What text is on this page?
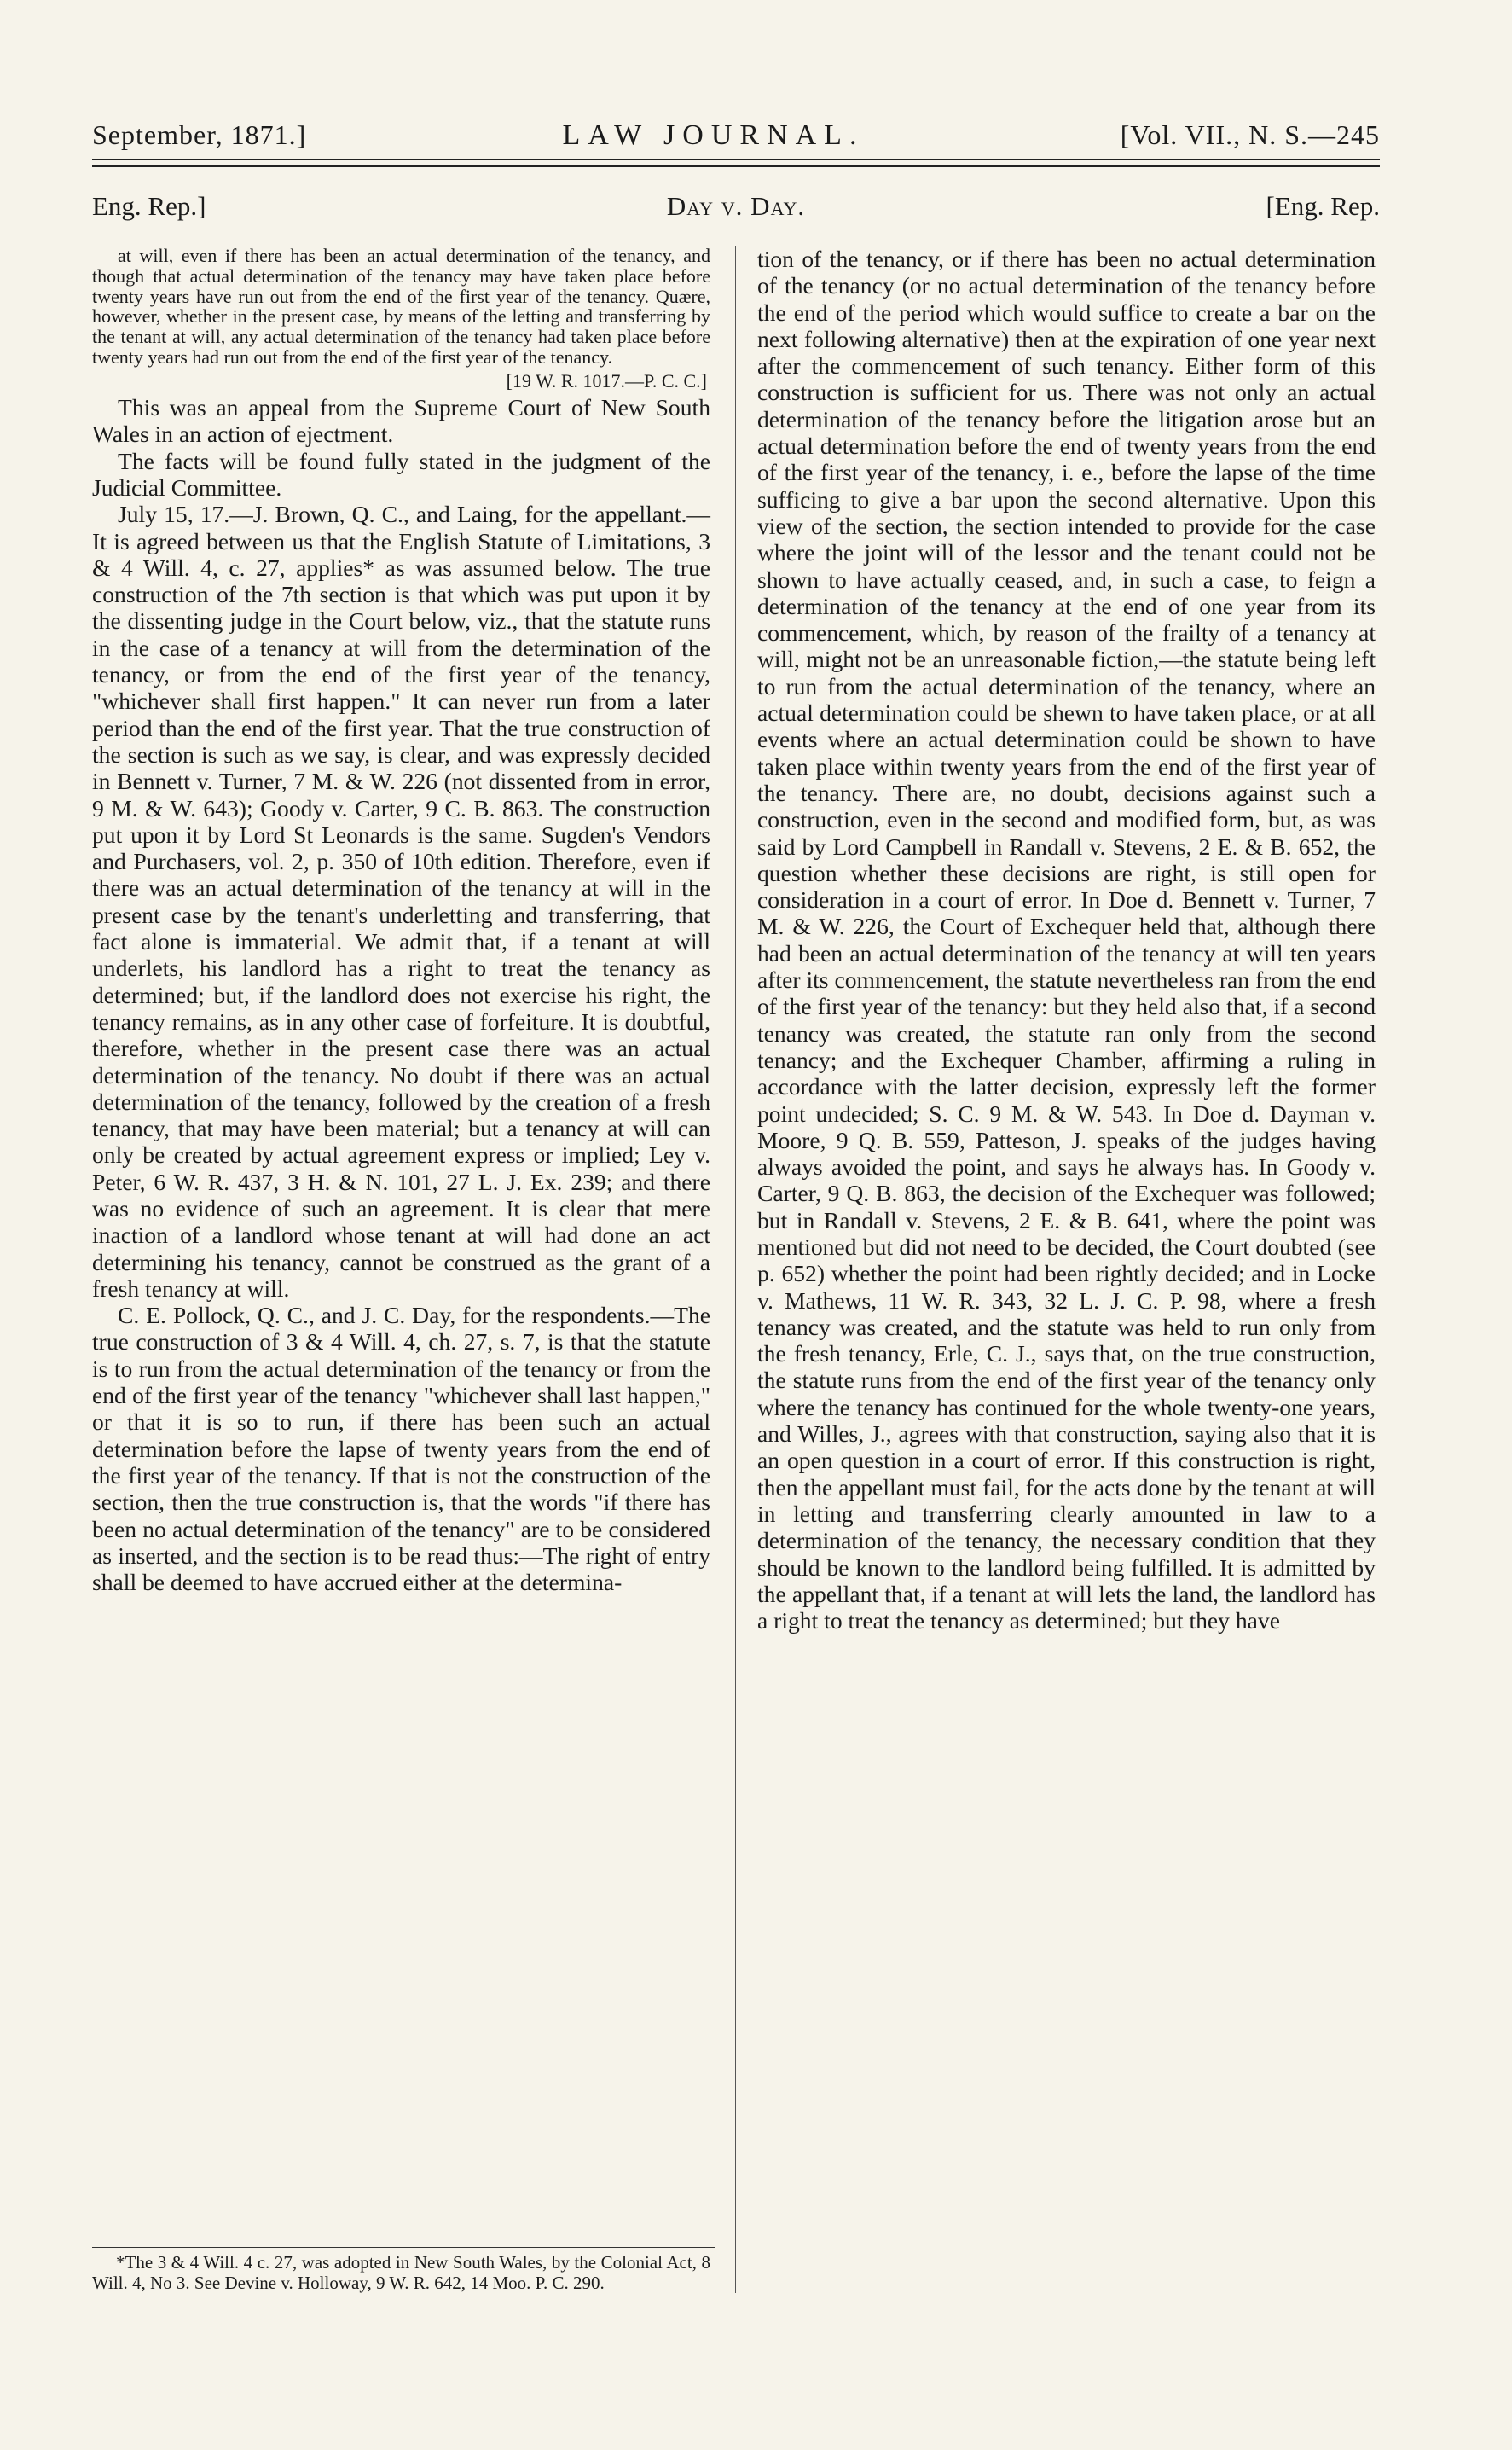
September, 1871.]	LAW JOURNAL.	[Vol. VII., N. S.—245
Eng. Rep.]	Day v. Day.	[Eng. Rep.

at will, even if there has been an actual determination of the tenancy, and though that actual determination of the tenancy may have taken place before twenty years have run out from the end of the first year of the tenancy. Quære, however, whether in the present case, by means of the letting and transferring by the tenant at will, any actual determination of the tenancy had taken place before twenty years had run out from the end of the first year of the tenancy.

[19 W. R. 1017.—P. C. C.]

This was an appeal from the Supreme Court of New South Wales in an action of ejectment.

The facts will be found fully stated in the judgment of the Judicial Committee.

July 15, 17.—J. Brown, Q. C., and Laing, for the appellant.—It is agreed between us that the English Statute of Limitations, 3 & 4 Will. 4, c. 27, applies* as was assumed below. The true construction of the 7th section is that which was put upon it by the dissenting judge in the Court below, viz., that the statute runs in the case of a tenancy at will from the determination of the tenancy, or from the end of the first year of the tenancy, "whichever shall first happen." It can never run from a later period than the end of the first year. That the true construction of the section is such as we say, is clear, and was expressly decided in Bennett v. Turner, 7 M. & W. 226 (not dissented from in error, 9 M. & W. 643); Goody v. Carter, 9 C. B. 863. The construction put upon it by Lord St Leonards is the same. Sugden's Vendors and Purchasers, vol. 2, p. 350 of 10th edition. Therefore, even if there was an actual determination of the tenancy at will in the present case by the tenant's underletting and transferring, that fact alone is immaterial. We admit that, if a tenant at will underlets, his landlord has a right to treat the tenancy as determined; but, if the landlord does not exercise his right, the tenancy remains, as in any other case of forfeiture. It is doubtful, therefore, whether in the present case there was an actual determination of the tenancy. No doubt if there was an actual determination of the tenancy, followed by the creation of a fresh tenancy, that may have been material; but a tenancy at will can only be created by actual agreement express or implied; Ley v. Peter, 6 W. R. 437, 3 H. & N. 101, 27 L. J. Ex. 239; and there was no evidence of such an agreement. It is clear that mere inaction of a landlord whose tenant at will had done an act determining his tenancy, cannot be construed as the grant of a fresh tenancy at will.

C. E. Pollock, Q. C., and J. C. Day, for the respondents.—The true construction of 3 & 4 Will. 4, ch. 27, s. 7, is that the statute is to run from the actual determination of the tenancy or from the end of the first year of the tenancy "whichever shall last happen," or that it is so to run, if there has been such an actual determination before the lapse of twenty years from the end of the first year of the tenancy. If that is not the construction of the section, then the true construction is, that the words "if there has been no actual determination of the tenancy" are to be considered as inserted, and the section is to be read thus:—The right of entry shall be deemed to have accrued either at the determina-

tion of the tenancy, or if there has been no actual determination of the tenancy (or no actual determination of the tenancy before the end of the period which would suffice to create a bar on the next following alternative) then at the expiration of one year next after the commencement of such tenancy. Either form of this construction is sufficient for us. There was not only an actual determination of the tenancy before the litigation arose but an actual determination before the end of twenty years from the end of the first year of the tenancy, i. e., before the lapse of the time sufficing to give a bar upon the second alternative. Upon this view of the section, the section intended to provide for the case where the joint will of the lessor and the tenant could not be shown to have actually ceased, and, in such a case, to feign a determination of the tenancy at the end of one year from its commencement, which, by reason of the frailty of a tenancy at will, might not be an unreasonable fiction,—the statute being left to run from the actual determination of the tenancy, where an actual determination could be shewn to have taken place, or at all events where an actual determination could be shown to have taken place within twenty years from the end of the first year of the tenancy. There are, no doubt, decisions against such a construction, even in the second and modified form, but, as was said by Lord Campbell in Randall v. Stevens, 2 E. & B. 652, the question whether these decisions are right, is still open for consideration in a court of error. In Doe d. Bennett v. Turner, 7 M. & W. 226, the Court of Exchequer held that, although there had been an actual determination of the tenancy at will ten years after its commencement, the statute nevertheless ran from the end of the first year of the tenancy: but they held also that, if a second tenancy was created, the statute ran only from the second tenancy; and the Exchequer Chamber, affirming a ruling in accordance with the latter decision, expressly left the former point undecided; S. C. 9 M. & W. 543. In Doe d. Dayman v. Moore, 9 Q. B. 559, Patteson, J. speaks of the judges having always avoided the point, and says he always has. In Goody v. Carter, 9 Q. B. 863, the decision of the Exchequer was followed; but in Randall v. Stevens, 2 E. & B. 641, where the point was mentioned but did not need to be decided, the Court doubted (see p. 652) whether the point had been rightly decided; and in Locke v. Mathews, 11 W. R. 343, 32 L. J. C. P. 98, where a fresh tenancy was created, and the statute was held to run only from the fresh tenancy, Erle, C. J., says that, on the true construction, the statute runs from the end of the first year of the tenancy only where the tenancy has continued for the whole twenty-one years, and Willes, J., agrees with that construction, saying also that it is an open question in a court of error. If this construction is right, then the appellant must fail, for the acts done by the tenant at will in letting and transferring clearly amounted in law to a determination of the tenancy, the necessary condition that they should be known to the landlord being fulfilled. It is admitted by the appellant that, if a tenant at will lets the land, the landlord has a right to treat the tenancy as determined; but they have

*The 3 & 4 Will. 4 c. 27, was adopted in New South Wales, by the Colonial Act, 8 Will. 4, No 3. See Devine v. Holloway, 9 W. R. 642, 14 Moo. P. C. 290.
